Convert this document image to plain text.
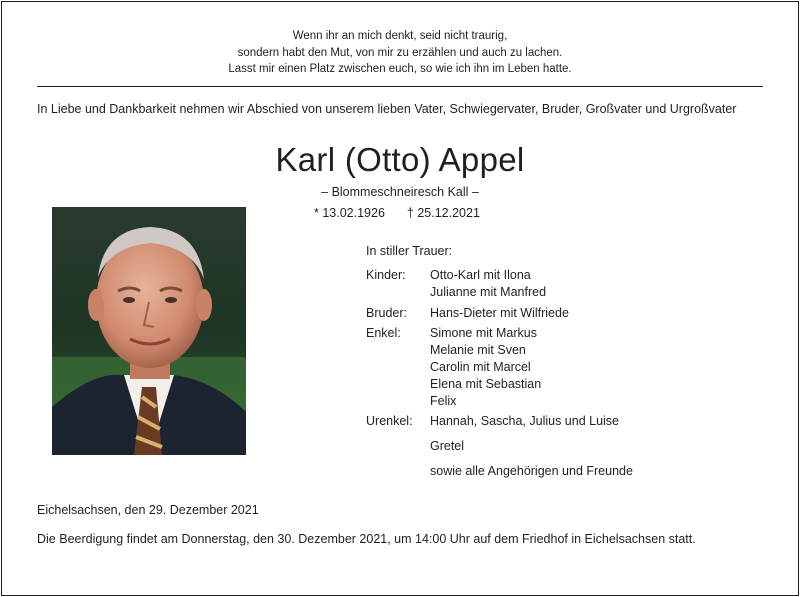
Wenn ihr an mich denkt, seid nicht traurig,
sondern habt den Mut, von mir zu erzählen und auch zu lachen.
Lasst mir einen Platz zwischen euch, so wie ich ihn im Leben hatte.
In Liebe und Dankbarkeit nehmen wir Abschied von unserem lieben Vater, Schwiegervater, Bruder, Großvater und Urgroßvater
Karl (Otto) Appel
– Blommeschneiresch Kall –
* 13.02.1926 † 25.12.2021
In stiller Trauer:
Kinder:	Otto-Karl mit Ilona
Julianne mit Manfred
Bruder:	Hans-Dieter mit Wilfriede
Enkel:	Simone mit Markus
Melanie mit Sven
Carolin mit Marcel
Elena mit Sebastian
Felix
Urenkel:	Hannah, Sascha, Julius und Luise
Gretel
sowie alle Angehörigen und Freunde
Eichelsachsen, den 29. Dezember 2021
Die Beerdigung findet am Donnerstag, den 30. Dezember 2021, um 14:00 Uhr auf dem Friedhof in Eichelsachsen statt.
